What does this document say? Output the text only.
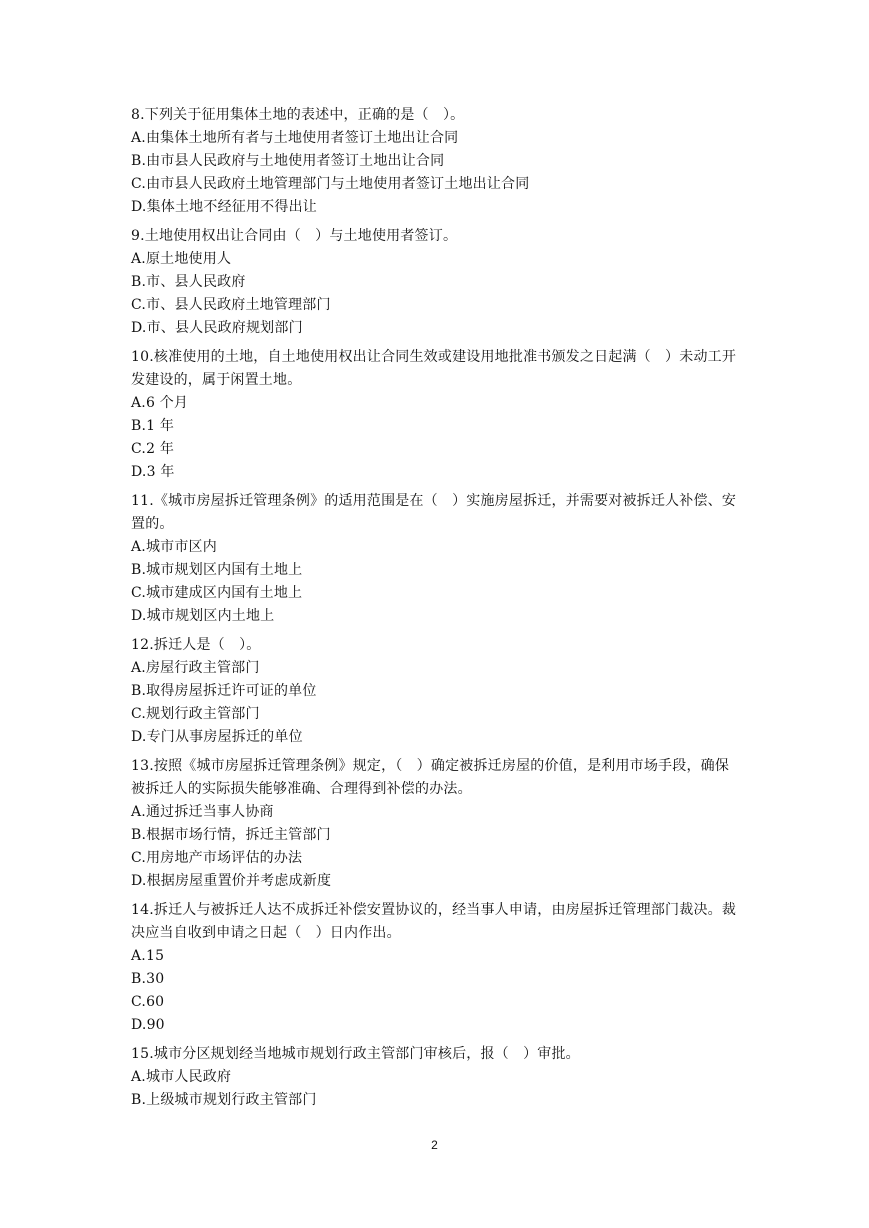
8.下列关于征用集体土地的表述中，正确的是（　）。

A.由集体土地所有者与土地使用者签订土地出让合同

B.由市县人民政府与土地使用者签订土地出让合同

C.由市县人民政府土地管理部门与土地使用者签订土地出让合同

D.集体土地不经征用不得出让

9.土地使用权出让合同由（　）与土地使用者签订。

A.原土地使用人

B.市、县人民政府

C.市、县人民政府土地管理部门

D.市、县人民政府规划部门

10.核准使用的土地，自土地使用权出让合同生效或建设用地批准书颁发之日起满（　）未动工开发建设的，属于闲置土地。

A.6 个月

B.1 年

C.2 年

D.3 年

11.《城市房屋拆迁管理条例》的适用范围是在（　）实施房屋拆迁，并需要对被拆迁人补偿、安置的。

A.城市市区内

B.城市规划区内国有土地上

C.城市建成区内国有土地上

D.城市规划区内土地上

12.拆迁人是（　）。

A.房屋行政主管部门

B.取得房屋拆迁许可证的单位

C.规划行政主管部门

D.专门从事房屋拆迁的单位

13.按照《城市房屋拆迁管理条例》规定，（　）确定被拆迁房屋的价值，是利用市场手段，确保被拆迁人的实际损失能够准确、合理得到补偿的办法。

A.通过拆迁当事人协商

B.根据市场行情，拆迁主管部门

C.用房地产市场评估的办法

D.根据房屋重置价并考虑成新度

14.拆迁人与被拆迁人达不成拆迁补偿安置协议的，经当事人申请，由房屋拆迁管理部门裁决。裁决应当自收到申请之日起（　）日内作出。

A.15

B.30

C.60

D.90

15.城市分区规划经当地城市规划行政主管部门审核后，报（　）审批。

A.城市人民政府

B.上级城市规划行政主管部门

2
